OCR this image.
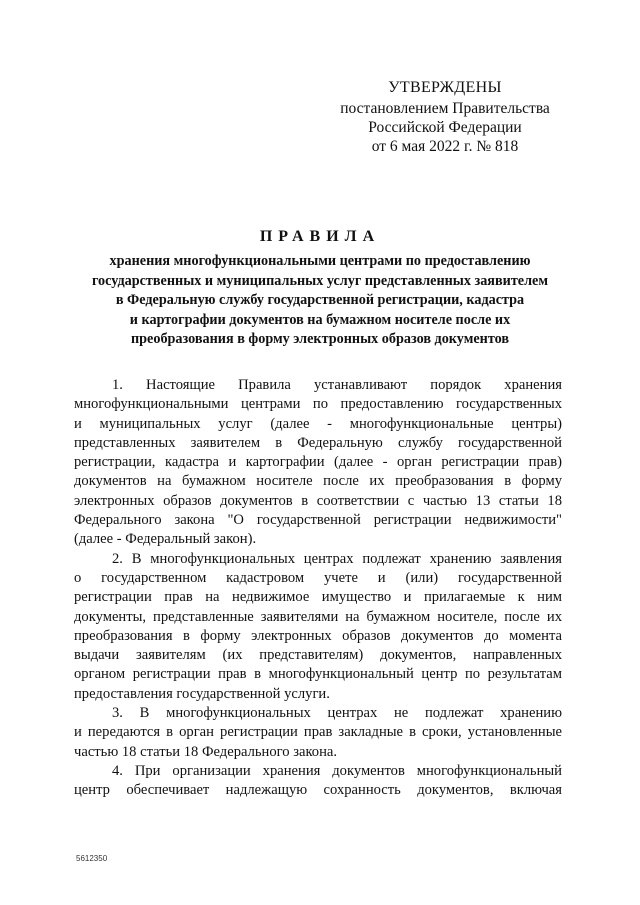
УТВЕРЖДЕНЫ
постановлением Правительства
Российской Федерации
от 6 мая 2022 г. № 818
ПРАВИЛА
хранения многофункциональными центрами по предоставлению
государственных и муниципальных услуг представленных заявителем
в Федеральную службу государственной регистрации, кадастра
и картографии документов на бумажном носителе после их
преобразования в форму электронных образов документов
1. Настоящие Правила устанавливают порядок хранения
многофункциональными центрами по предоставлению государственных
и муниципальных услуг (далее - многофункциональные центры)
представленных заявителем в Федеральную службу государственной
регистрации, кадастра и картографии (далее - орган регистрации прав)
документов на бумажном носителе после их преобразования в форму
электронных образов документов в соответствии с частью 13 статьи 18
Федерального закона "О государственной регистрации недвижимости"
(далее - Федеральный закон).
2. В многофункциональных центрах подлежат хранению заявления
о государственном кадастровом учете и (или) государственной
регистрации прав на недвижимое имущество и прилагаемые к ним
документы, представленные заявителями на бумажном носителе, после их
преобразования в форму электронных образов документов до момента
выдачи заявителям (их представителям) документов, направленных
органом регистрации прав в многофункциональный центр по результатам
предоставления государственной услуги.
3. В многофункциональных центрах не подлежат хранению
и передаются в орган регистрации прав закладные в сроки, установленные
частью 18 статьи 18 Федерального закона.
4. При организации хранения документов многофункциональный
центр обеспечивает надлежащую сохранность документов, включая
5612350
